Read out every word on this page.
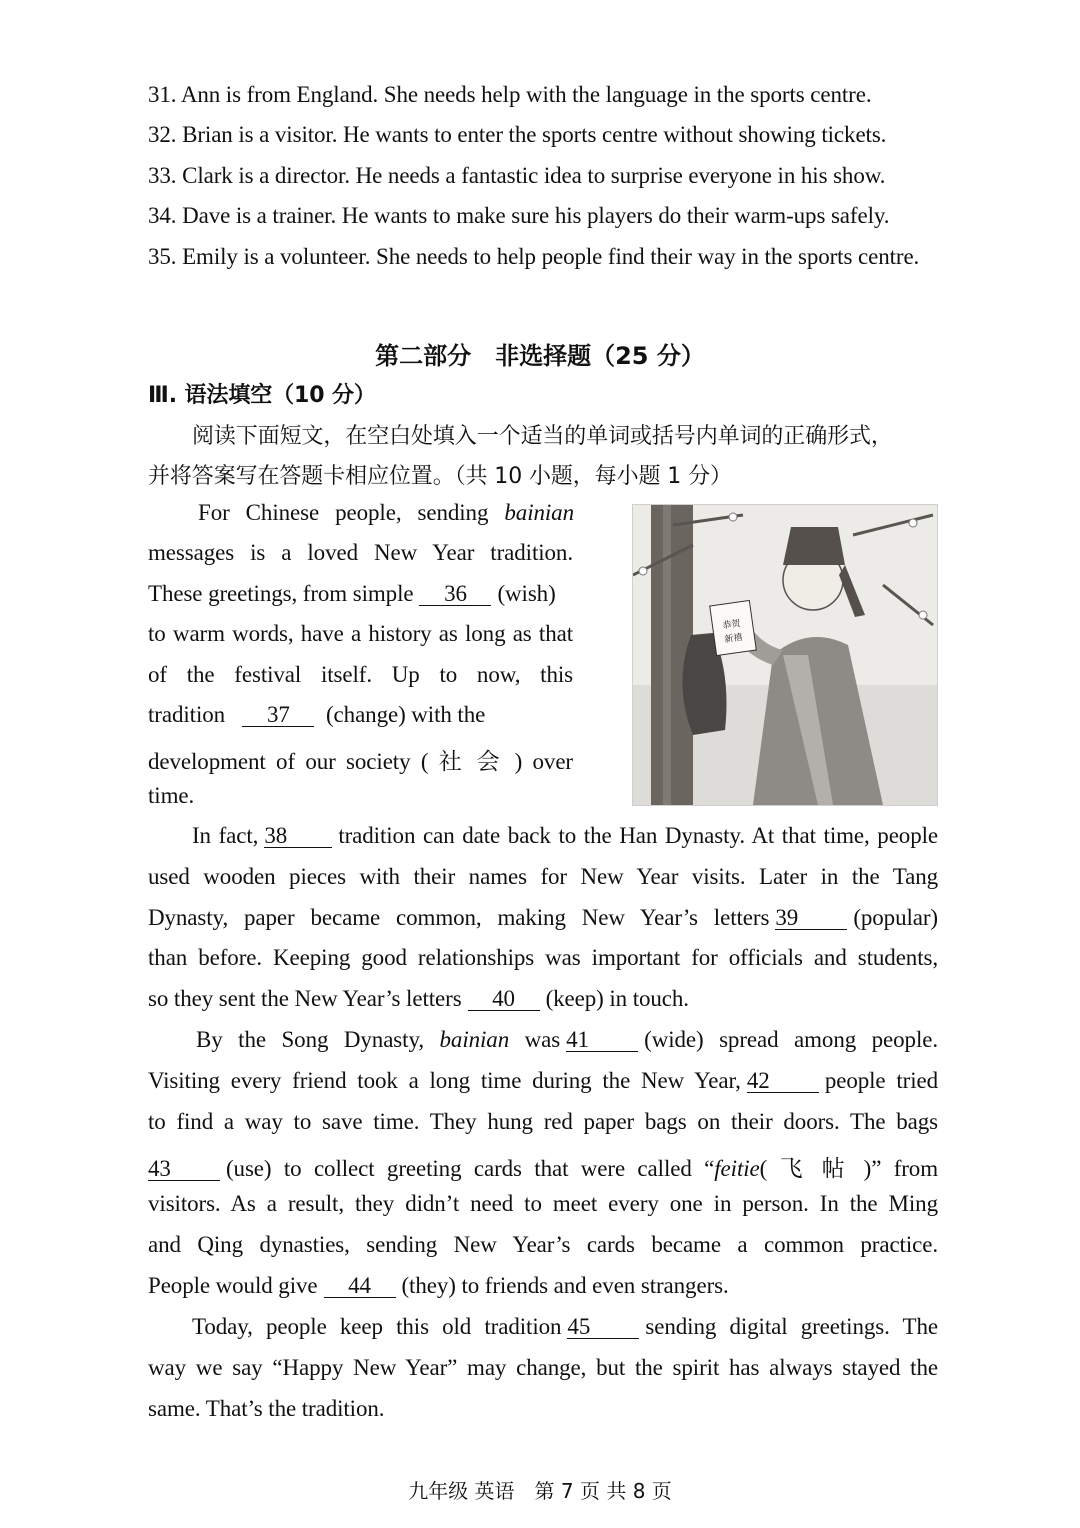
31. Ann is from England. She needs help with the language in the sports centre.
32. Brian is a visitor. He wants to enter the sports centre without showing tickets.
33. Clark is a director. He needs a fantastic idea to surprise everyone in his show.
34. Dave is a trainer. He wants to make sure his players do their warm-ups safely.
35. Emily is a volunteer. She needs to help people find their way in the sports centre.
第二部分　非选择题（25 分）
Ⅲ. 语法填空（10 分）
阅读下面短文，在空白处填入一个适当的单词或括号内单词的正确形式，
并将答案写在答题卡相应位置。（共 10 小题，每小题 1 分）
For Chinese people, sending bainian
messages is a loved New Year tradition.
These greetings, from simple 36 (wish)
to warm words, have a history as long as that
of the festival itself. Up to now, this
tradition 37 (change) with the
development of our society ( 社 会 ) over
time.
恭贺
新禧
In fact, 38 tradition can date back to the Han Dynasty. At that time, people
used wooden pieces with their names for New Year visits. Later in the Tang
Dynasty, paper became common, making New Year’s letters 39 (popular)
than before. Keeping good relationships was important for officials and students,
so they sent the New Year’s letters 40 (keep) in touch.
By the Song Dynasty, bainian was 41 (wide) spread among people.
Visiting every friend took a long time during the New Year, 42 people tried
to find a way to save time. They hung red paper bags on their doors. The bags
43 (use) to collect greeting cards that were called “feitie( 飞 帖 )” from
visitors. As a result, they didn’t need to meet every one in person. In the Ming
and Qing dynasties, sending New Year’s cards became a common practice.
People would give 44 (they) to friends and even strangers.
Today, people keep this old tradition 45 sending digital greetings. The
way we say “Happy New Year” may change, but the spirit has always stayed the
same. That’s the tradition.
九年级 英语　第 7 页 共 8 页
